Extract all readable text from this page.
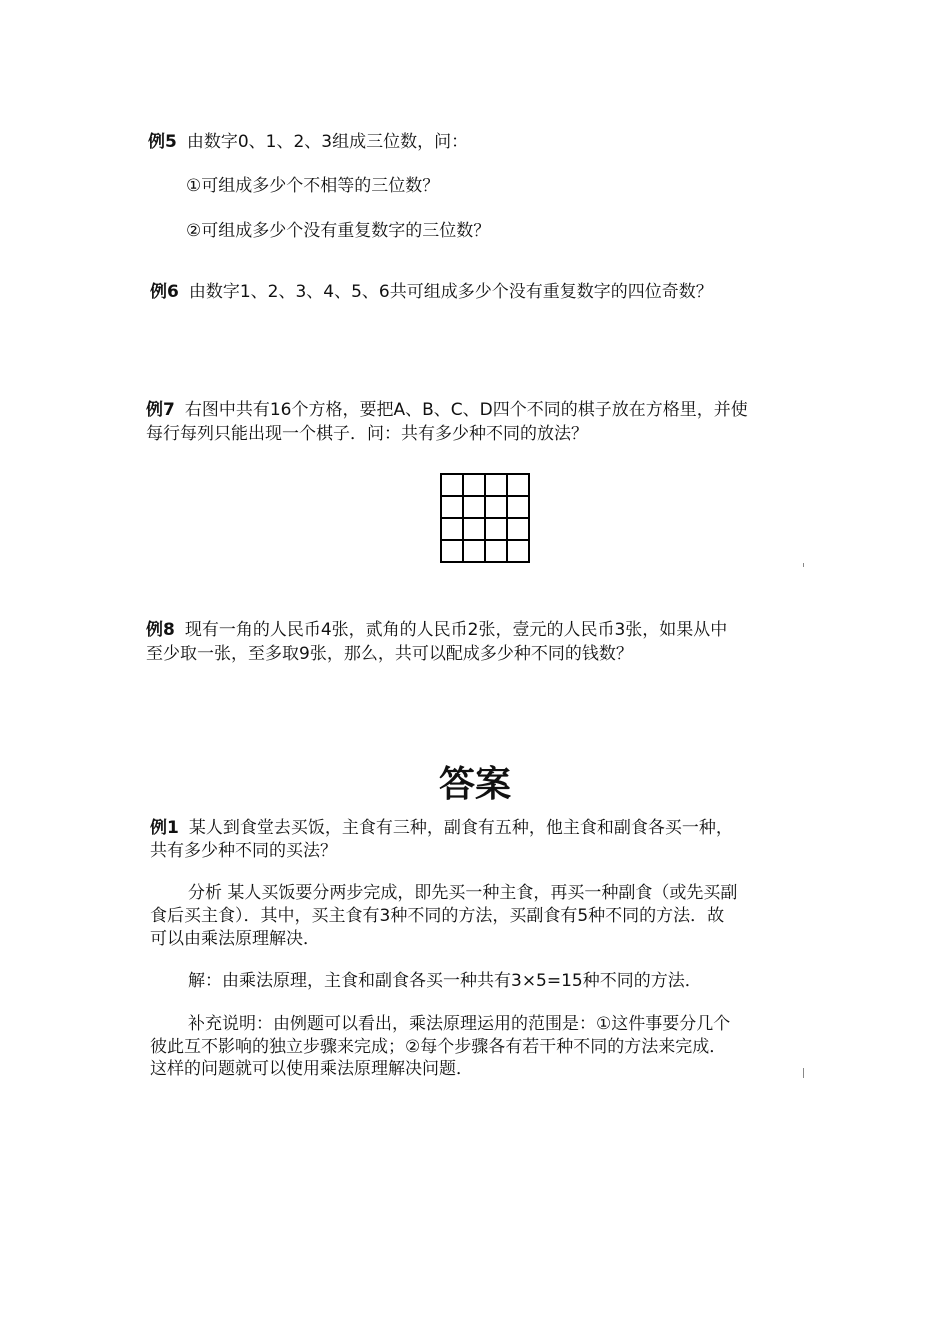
例5 由数字0、1、2、3组成三位数，问：
①可组成多少个不相等的三位数？
②可组成多少个没有重复数字的三位数？
例6 由数字1、2、3、4、5、6共可组成多少个没有重复数字的四位奇数？
例7 右图中共有16个方格，要把A、B、C、D四个不同的棋子放在方格里，并使
每行每列只能出现一个棋子．问：共有多少种不同的放法？
例8 现有一角的人民币4张，贰角的人民币2张，壹元的人民币3张，如果从中
至少取一张，至多取9张，那么，共可以配成多少种不同的钱数？
答案
例1 某人到食堂去买饭，主食有三种，副食有五种，他主食和副食各买一种，
共有多少种不同的买法？
分析 某人买饭要分两步完成，即先买一种主食，再买一种副食（或先买副
食后买主食）．其中，买主食有3种不同的方法，买副食有5种不同的方法．故
可以由乘法原理解决．
解：由乘法原理，主食和副食各买一种共有3×5=15种不同的方法．
补充说明：由例题可以看出，乘法原理运用的范围是：①这件事要分几个
彼此互不影响的独立步骤来完成；②每个步骤各有若干种不同的方法来完成．
这样的问题就可以使用乘法原理解决问题．
